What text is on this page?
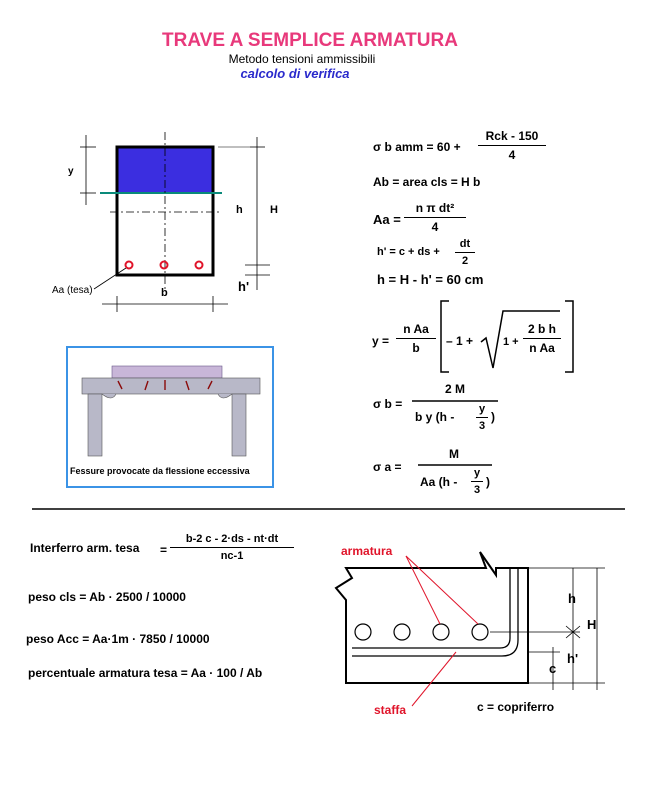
TRAVE A SEMPLICE ARMATURA
Metodo tensioni ammissibili
calcolo di verifica
y
h H
b	h'
Aa (tesa)
Fessure provocate da flessione eccessiva
σ b amm = 60 +
Rck - 150
4
Ab = area cls = H b
$Aa = \frac{\text{n π dt²}}{4}$
h' = c + ds + $\frac{dt}{2}$
h = H - h' = 60 cm
$y = \frac{\text{n Aa}}{b} - 1$ +	$1 + \frac{\text{2 b h}}{\text{n Aa}}$
σ b =
2 M
b y ($h - \frac{y}{3}$ )
σ a =
M
Aa ($h - \frac{y}{3}$ )
Interferro arm. tesa = $\frac{b-2 c - 2\cdot ds - nt\cdot dt}{nc-1}$
peso cls = Ab · 2500 / 10000
peso Acc = Aa·1m · 7850 / 10000
percentuale armatura tesa = Aa · 100 / Ab
armatura
staffa	c = copriferro
h
H
c
h'
